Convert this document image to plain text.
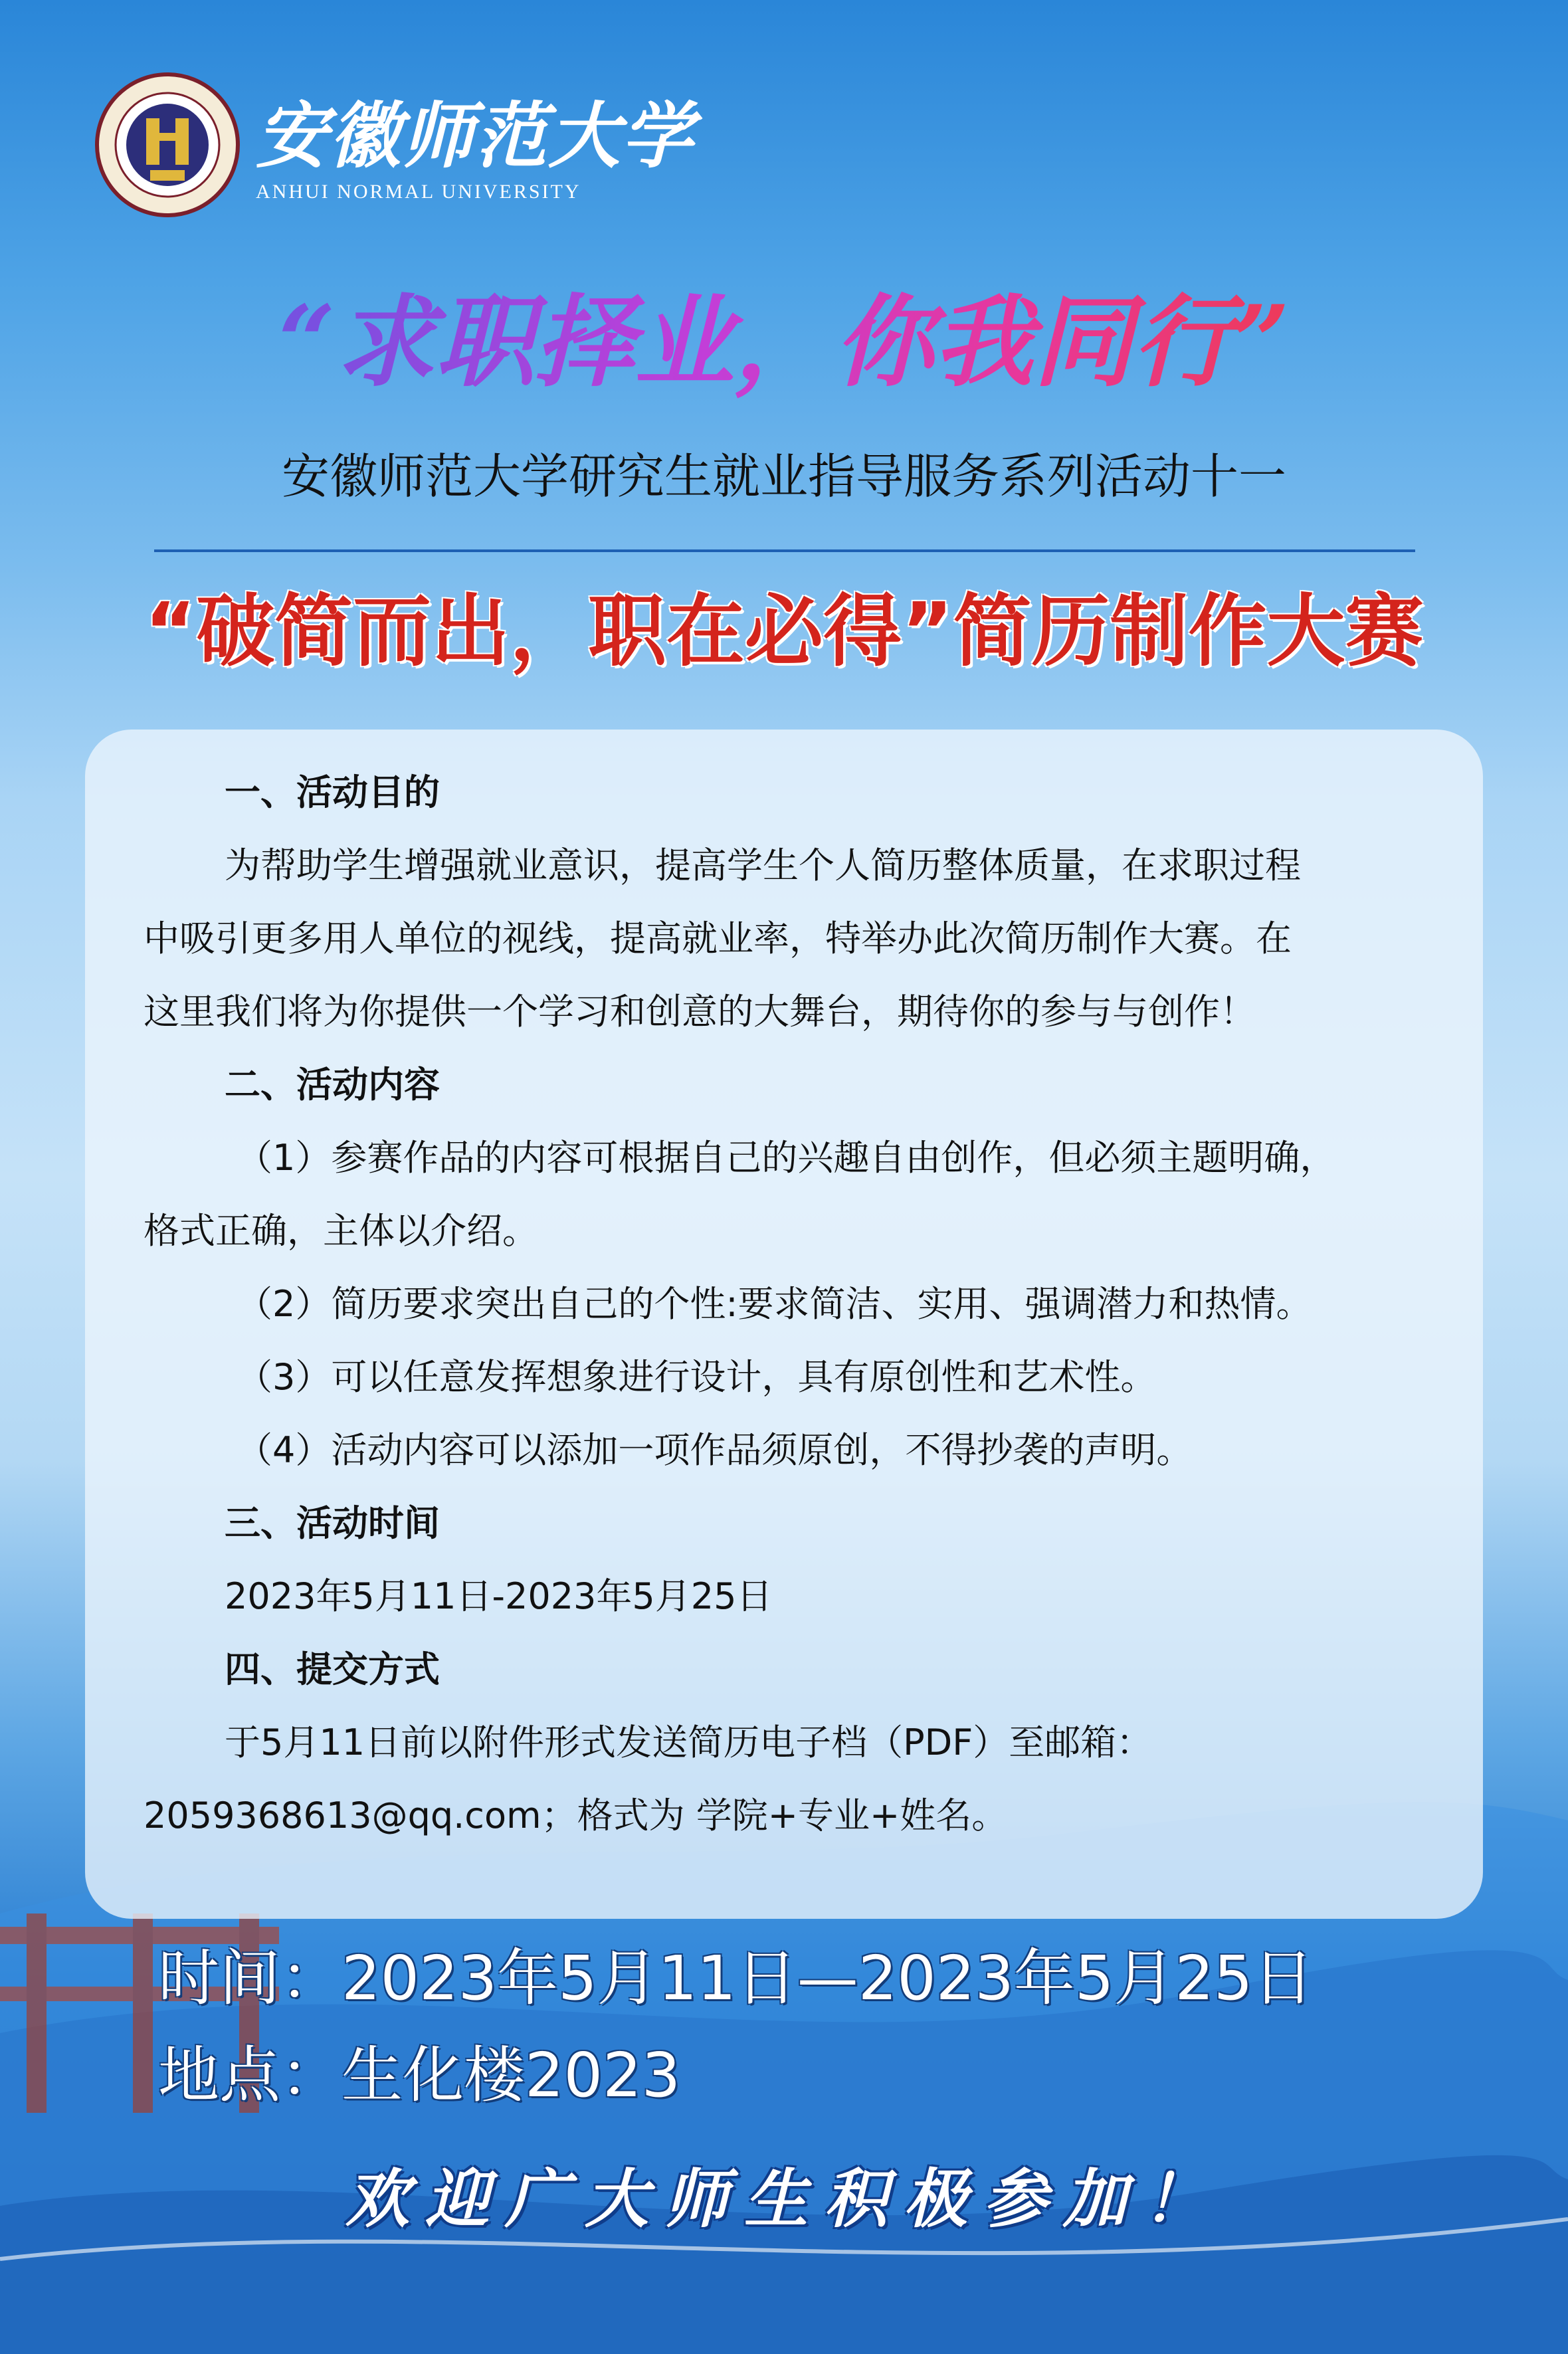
安徽师范大学
ANHUI NORMAL UNIVERSITY
“求职择业，你我同行”
安徽师范大学研究生就业指导服务系列活动十一
“破简而出，职在必得”简历制作大赛

一、活动目的

为帮助学生增强就业意识，提高学生个人简历整体质量，在求职过程

中吸引更多用人单位的视线，提高就业率，特举办此次简历制作大赛。在

这里我们将为你提供一个学习和创意的大舞台，期待你的参与与创作！

二、活动内容

（1）参赛作品的内容可根据自己的兴趣自由创作，但必须主题明确，

格式正确，主体以介绍。

（2）简历要求突出自己的个性:要求简洁、实用、强调潜力和热情。

（3）可以任意发挥想象进行设计，具有原创性和艺术性。

（4）活动内容可以添加一项作品须原创，不得抄袭的声明。

三、活动时间

2023年5月11日-2023年5月25日

四、提交方式

于5月11日前以附件形式发送简历电子档（PDF）至邮箱：

2059368613@qq.com；格式为 学院+专业+姓名。

时间：2023年5月11日—2023年5月25日
地点：生化楼2023
欢迎广大师生积极参加！
